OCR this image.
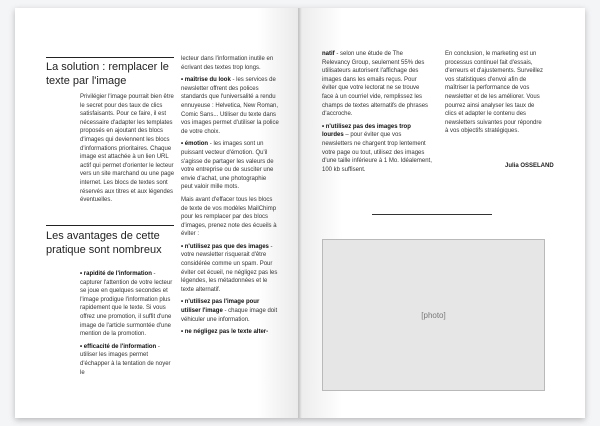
La solution : remplacer le texte par l'image

Privilégier l'image pourrait bien être le secret pour des taux de clics satisfaisants. Pour ce faire, il est nécessaire d'adapter les templates proposés en ajoutant des blocs d'images qui deviennent les blocs d'informations prioritaires. Chaque image est attachée à un lien URL actif qui permet d'orienter le lecteur vers un site marchand ou une page internet. Les blocs de textes sont réservés aux titres et aux légendes éventuelles.

Les avantages de cette pratique sont nombreux

• rapidité de l'information - capturer l'attention de votre lecteur se joue en quelques secondes et l'image prodigue l'information plus rapidement que le texte. Si vous offrez une promotion, il suffit d'une image de l'article surmontée d'une mention de la promotion.

• efficacité de l'information - utiliser les images permet d'échapper à la tentation de noyer le

lecteur dans l'information inutile en écrivant des textes trop longs.

• maîtrise du look - les services de newsletter offrent des polices standards que l'universalité a rendu ennuyeuse : Helvetica, New Roman, Comic Sans... Utiliser du texte dans vos images permet d'utiliser la police de votre choix.

• émotion - les images sont un puissant vecteur d'émotion. Qu'il s'agisse de partager les valeurs de votre entreprise ou de susciter une envie d'achat, une photographie peut valoir mille mots.

Mais avant d'effacer tous les blocs de texte de vos modèles MailChimp pour les remplacer par des blocs d'images, prenez note des écueils à éviter :

• n'utilisez pas que des images - votre newsletter risquerait d'être considérée comme un spam. Pour éviter cet écueil, ne négligez pas les légendes, les métadonnées et le texte alternatif.

• n'utilisez pas l'image pour utiliser l'image - chaque image doit véhiculer une information.

• ne négligez pas le texte alter-

natif - selon une étude de The Relevancy Group, seulement 55% des utilisateurs autorisent l'affichage des images dans les emails reçus. Pour éviter que votre lectorat ne se trouve face à un courriel vide, remplissez les champs de textes alternatifs de phrases d'accroche.

• n'utilisez pas des images trop lourdes – pour éviter que vos newsletters ne chargent trop lentement votre page ou tout, utilisez des images d'une taille inférieure à 1 Mo. Idéalement, 100 kb suffisent.

En conclusion, le marketing est un processus continuel fait d'essais, d'erreurs et d'ajustements. Surveillez vos statistiques d'envoi afin de maîtriser la performance de vos newsletter et de les améliorer. Vous pourrez ainsi analyser les taux de clics et adapter le contenu des newsletters suivantes pour répondre à vos objectifs stratégiques.

Julia OSSELAND
[photo]
